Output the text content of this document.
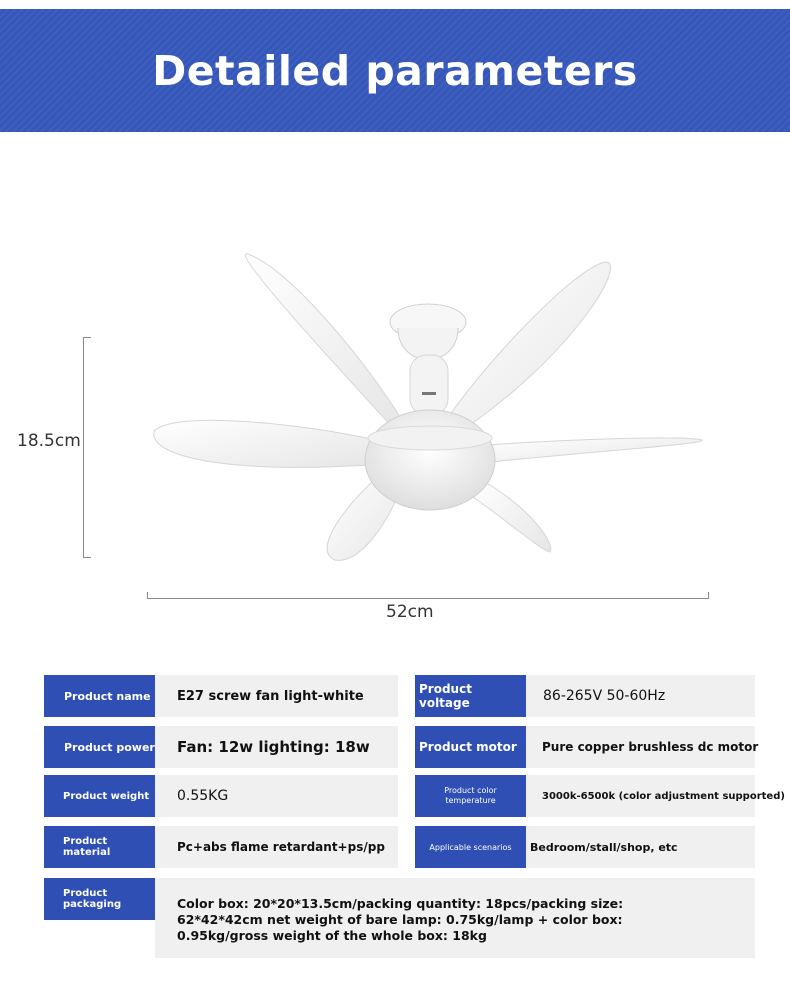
Detailed parameters
18.5cm
52cm
Product name	E27 screw fan light-white	Product voltage	86-265V 50-60Hz
Product power Fan: 12w lighting: 18w	Product motor	Pure copper brushless dc motor
Product weight	0.55KG	Product color
temperature	3000k-6500k (color adjustment supported)
Product
material	Pc+abs flame retardant+ps/pp	Applicable scenarios	Bedroom/stall/shop, etc
Product
packaging	Color box: 20*20*13.5cm/packing quantity: 18pcs/packing size:
62*42*42cm net weight of bare lamp: 0.75kg/lamp + color box:
0.95kg/gross weight of the whole box: 18kg
